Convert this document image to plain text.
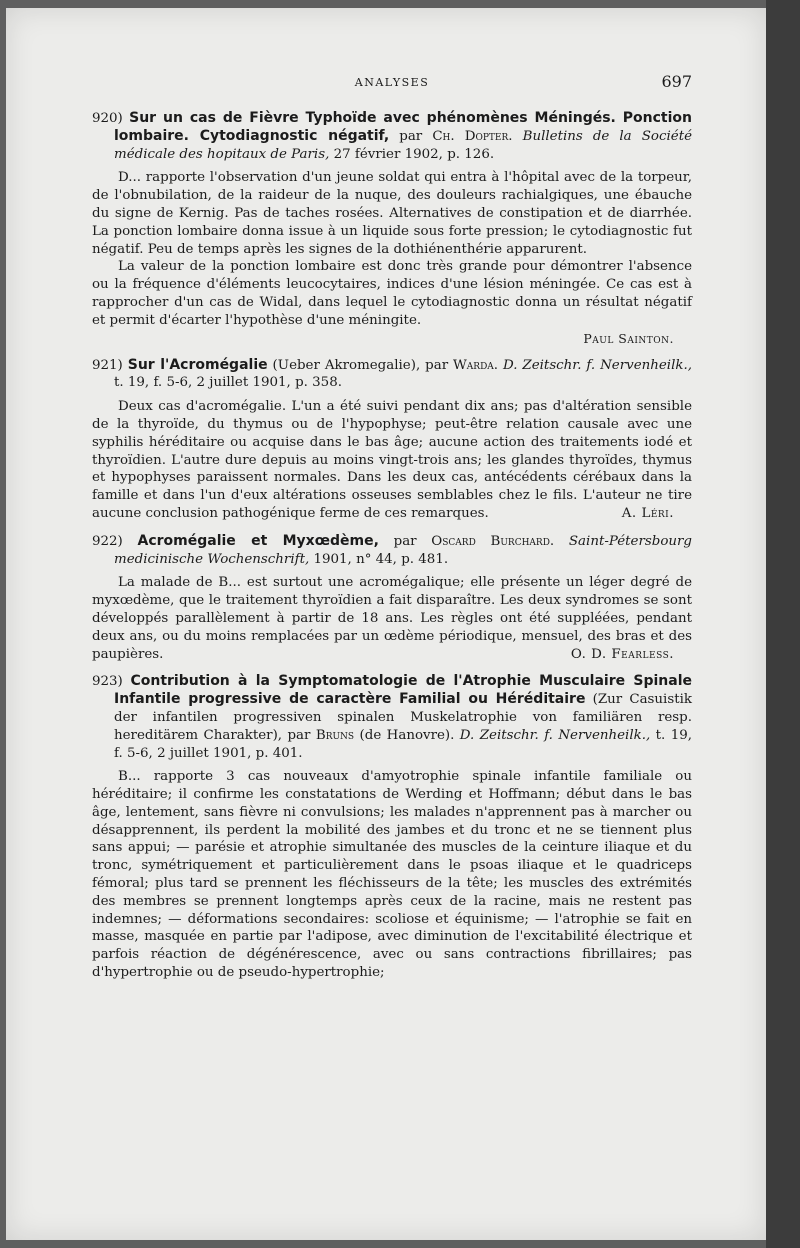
ANALYSES	697
920) Sur un cas de Fièvre Typhoïde avec phénomènes Méningés. Ponction lombaire. Cytodiagnostic négatif, par Ch. Dopter. Bulletins de la Société médicale des hopitaux de Paris, 27 février 1902, p. 126.

D... rapporte l'observation d'un jeune soldat qui entra à l'hôpital avec de la torpeur, de l'obnubilation, de la raideur de la nuque, des douleurs rachialgiques, une ébauche du signe de Kernig. Pas de taches rosées. Alternatives de constipation et de diarrhée. La ponction lombaire donna issue à un liquide sous forte pression; le cytodiagnostic fut négatif. Peu de temps après les signes de la dothiénenthérie apparurent.

La valeur de la ponction lombaire est donc très grande pour démontrer l'absence ou la fréquence d'éléments leucocytaires, indices d'une lésion méningée. Ce cas est à rapprocher d'un cas de Widal, dans lequel le cytodiagnostic donna un résultat négatif et permit d'écarter l'hypothèse d'une méningite.

Paul Sainton.
921) Sur l'Acromégalie (Ueber Akromegalie), par Warda. D. Zeitschr. f. Nervenheilk., t. 19, f. 5-6, 2 juillet 1901, p. 358.

Deux cas d'acromégalie. L'un a été suivi pendant dix ans; pas d'altération sensible de la thyroïde, du thymus ou de l'hypophyse; peut-être relation causale avec une syphilis héréditaire ou acquise dans le bas âge; aucune action des traitements iodé et thyroïdien. L'autre dure depuis au moins vingt-trois ans; les glandes thyroïdes, thymus et hypophyses paraissent normales. Dans les deux cas, antécédents cérébaux dans la famille et dans l'un d'eux altérations osseuses semblables chez le fils. L'auteur ne tire aucune conclusion pathogénique ferme de ces remarques.	A. Léri.

922) Acromégalie et Myxœdème, par Oscard Burchard. Saint-Pétersbourg medicinische Wochenschrift, 1901, n° 44, p. 481.

La malade de B... est surtout une acromégalique; elle présente un léger degré de myxœdème, que le traitement thyroïdien a fait disparaître. Les deux syndromes se sont développés parallèlement à partir de 18 ans. Les règles ont été suppléées, pendant deux ans, ou du moins remplacées par un œdème périodique, mensuel, des bras et des paupières.	O. D. Fearless.

923) Contribution à la Symptomatologie de l'Atrophie Musculaire Spinale Infantile progressive de caractère Familial ou Héréditaire (Zur Casuistik der infantilen progressiven spinalen Muskelatrophie von familiären resp. hereditärem Charakter), par Bruns (de Hanovre). D. Zeitschr. f. Nervenheilk., t. 19, f. 5-6, 2 juillet 1901, p. 401.

B... rapporte 3 cas nouveaux d'amyotrophie spinale infantile familiale ou héréditaire; il confirme les constatations de Werding et Hoffmann; début dans le bas âge, lentement, sans fièvre ni convulsions; les malades n'apprennent pas à marcher ou désapprennent, ils perdent la mobilité des jambes et du tronc et ne se tiennent plus sans appui; — parésie et atrophie simultanée des muscles de la ceinture iliaque et du tronc, symétriquement et particulièrement dans le psoas iliaque et le quadriceps fémoral; plus tard se prennent les fléchisseurs de la tête; les muscles des extrémités des membres se prennent longtemps après ceux de la racine, mais ne restent pas indemnes; — déformations secondaires: scoliose et équinisme; — l'atrophie se fait en masse, masquée en partie par l'adipose, avec diminution de l'excitabilité électrique et parfois réaction de dégénérescence, avec ou sans contractions fibrillaires; pas d'hypertrophie ou de pseudo-hypertrophie;
